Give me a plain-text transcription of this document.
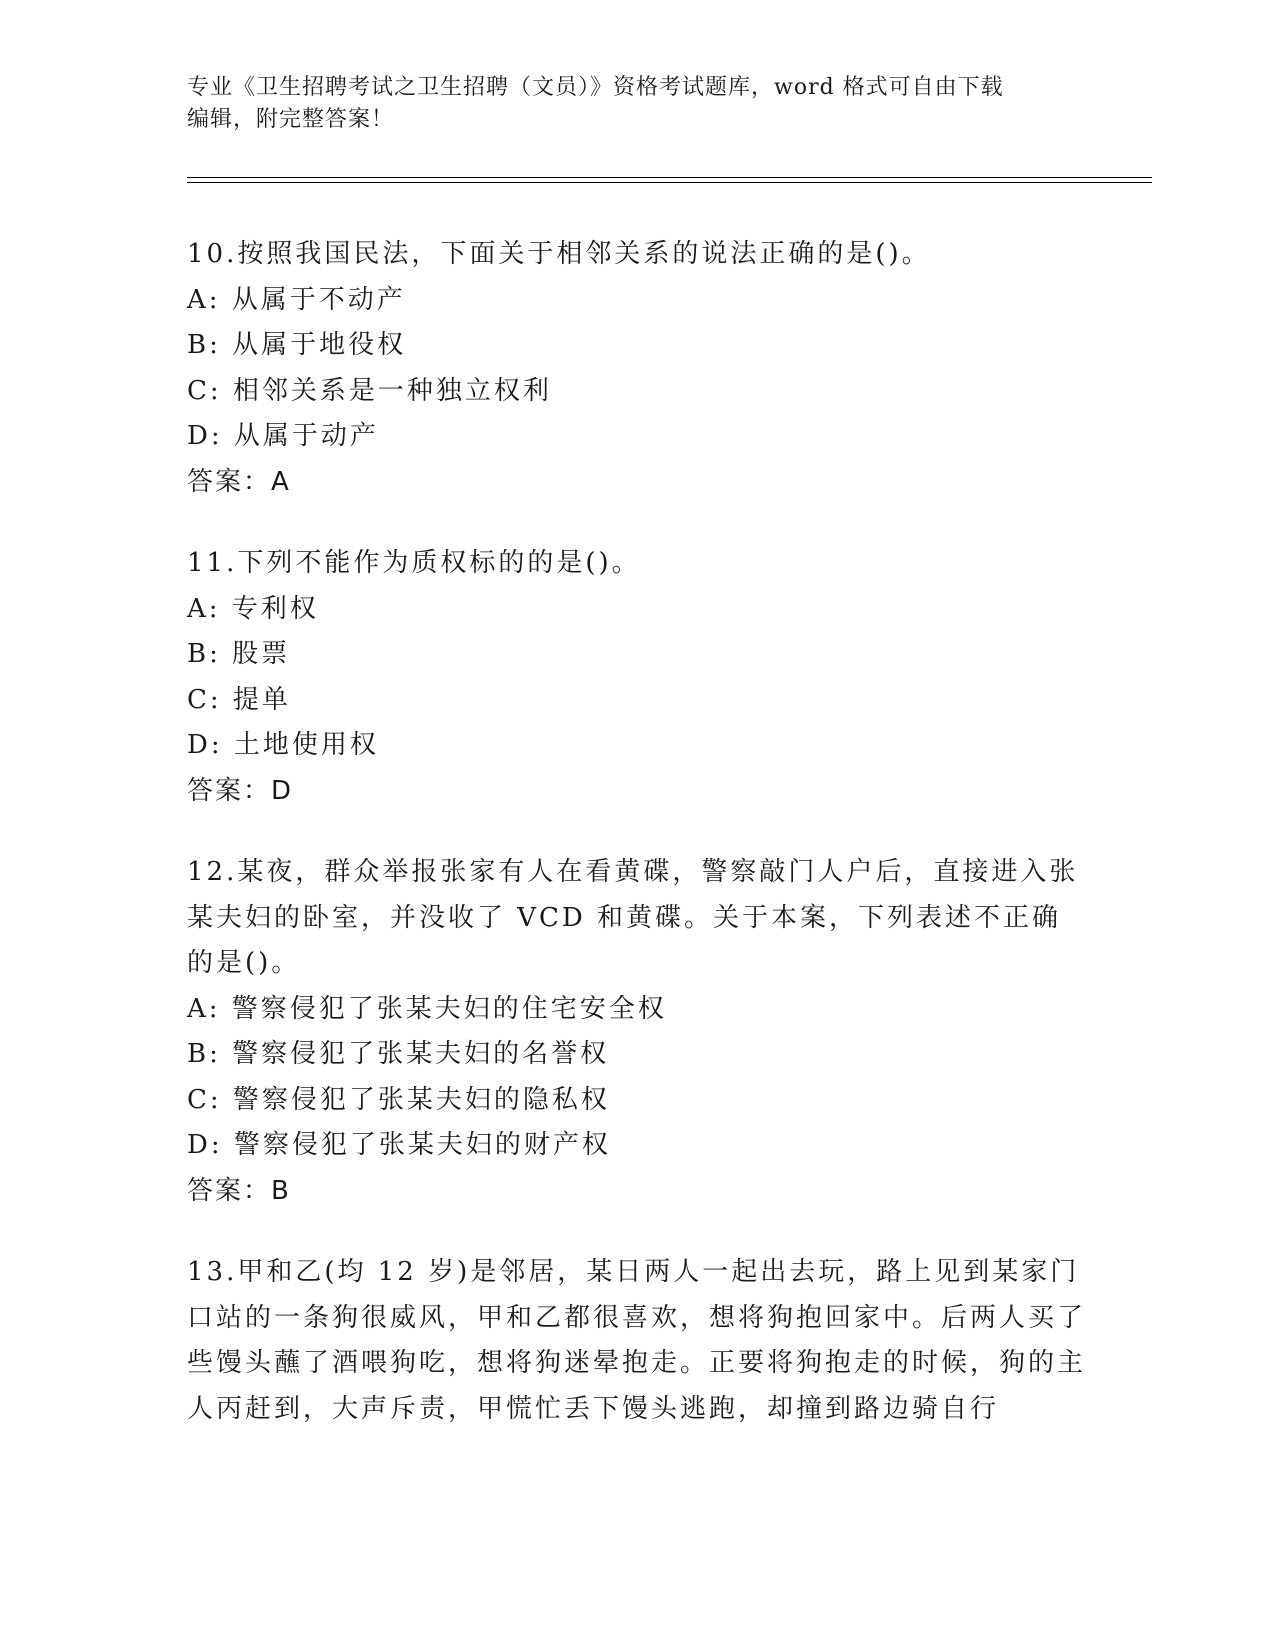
专业《卫生招聘考试之卫生招聘（文员）》资格考试题库，word 格式可自由下载
编辑，附完整答案！

10.按照我国民法，下面关于相邻关系的说法正确的是()。

A: 从属于不动产

B: 从属于地役权

C: 相邻关系是一种独立权利

D: 从属于动产

答案：A

11.下列不能作为质权标的的是()。

A: 专利权

B: 股票

C: 提单

D: 土地使用权

答案：D

12.某夜，群众举报张家有人在看黄碟，警察敲门人户后，直接进入张某夫妇的卧室，并没收了 VCD 和黄碟。关于本案，下列表述不正确的是()。

A: 警察侵犯了张某夫妇的住宅安全权

B: 警察侵犯了张某夫妇的名誉权

C: 警察侵犯了张某夫妇的隐私权

D: 警察侵犯了张某夫妇的财产权

答案：B

13.甲和乙(均 12 岁)是邻居，某日两人一起出去玩，路上见到某家门口站的一条狗很威风，甲和乙都很喜欢，想将狗抱回家中。后两人买了些馒头蘸了酒喂狗吃，想将狗迷晕抱走。正要将狗抱走的时候，狗的主人丙赶到，大声斥责，甲慌忙丢下馒头逃跑，却撞到路边骑自行
